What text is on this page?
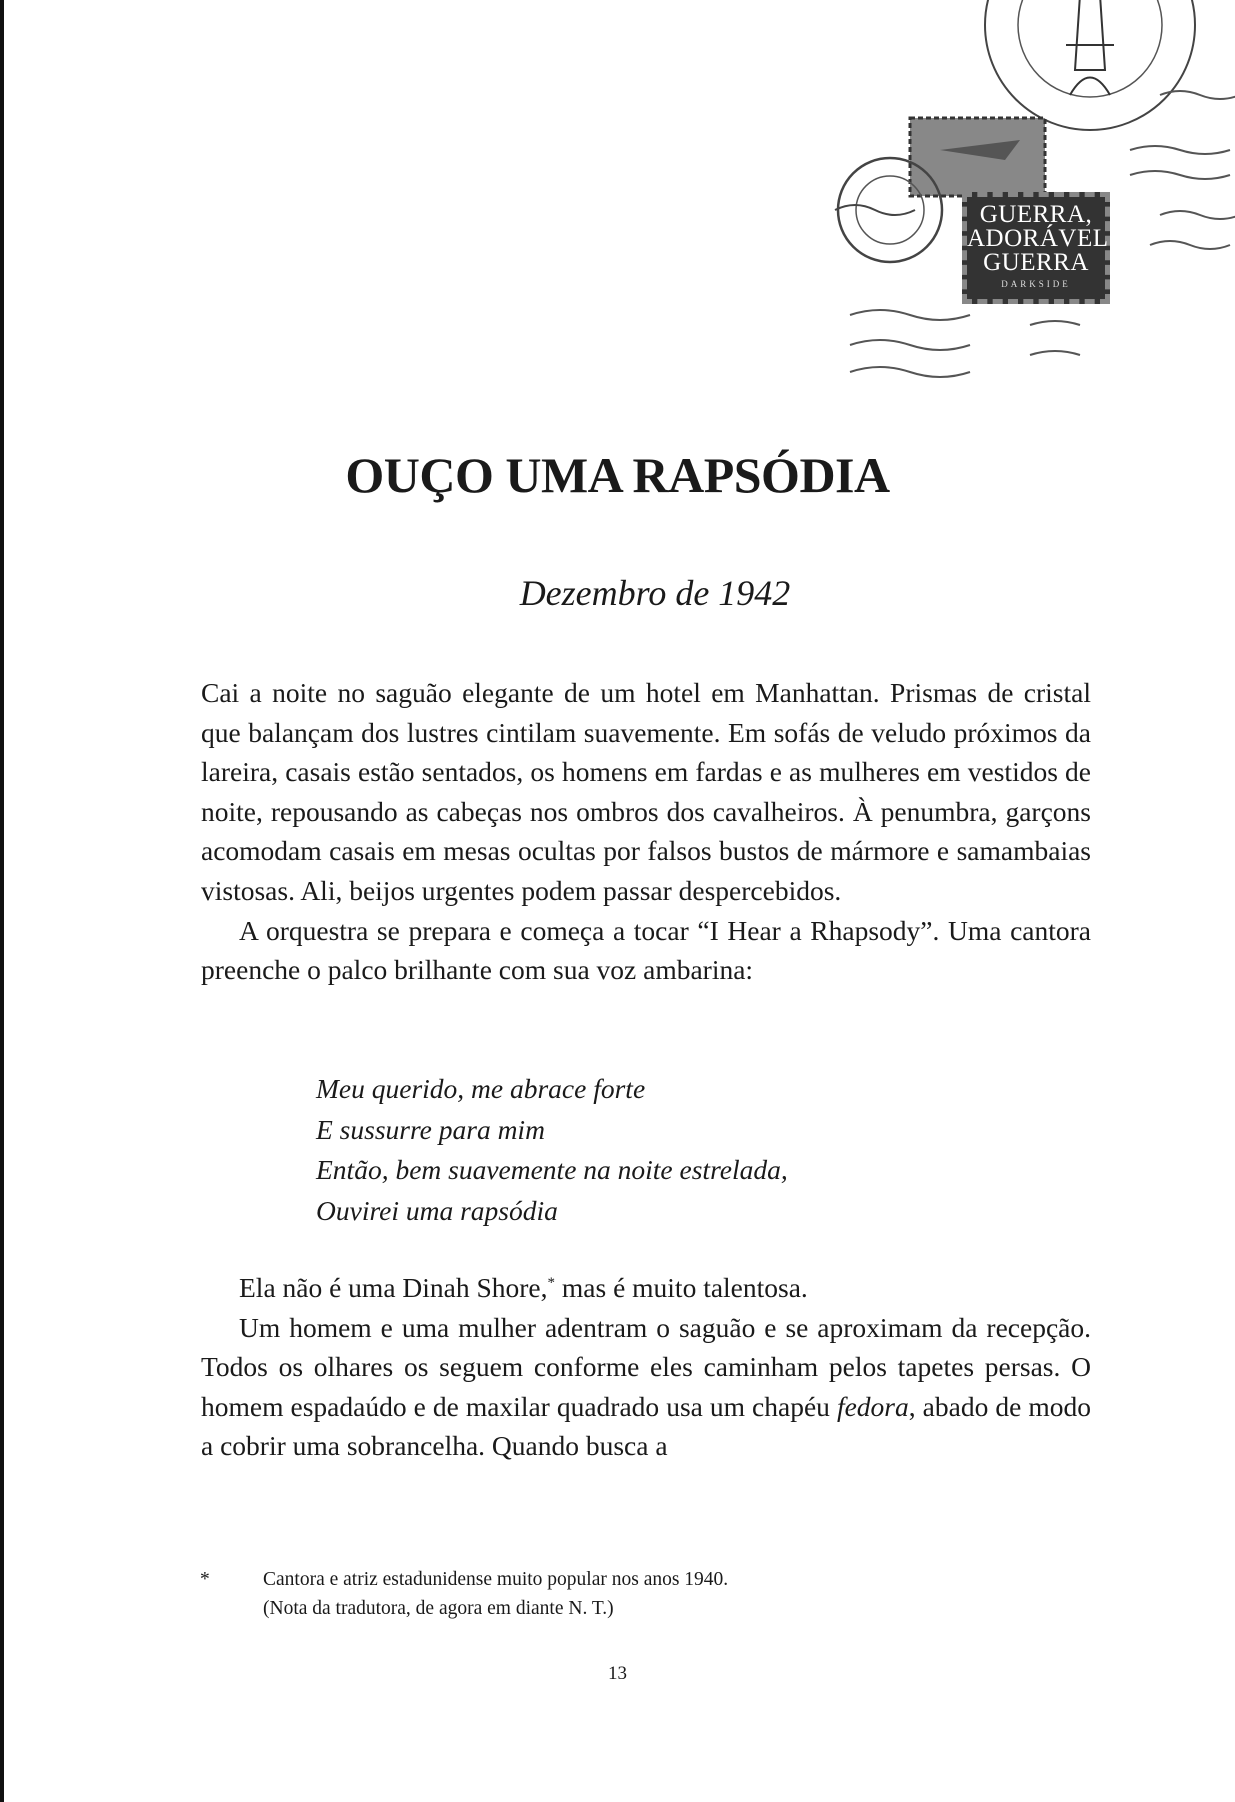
GUERRA,
ADORÁVEL
GUERRA
DARKSIDE
OUÇO UMA RAPSÓDIA

Dezembro de 1942

Cai a noite no saguão elegante de um hotel em Manhattan. Prismas de cristal que balançam dos lustres cintilam suavemente. Em sofás de veludo próximos da lareira, casais estão sentados, os homens em fardas e as mulheres em vestidos de noite, repousando as cabeças nos ombros dos cavalheiros. À penumbra, garçons acomodam casais em mesas ocultas por falsos bustos de mármore e samambaias vistosas. Ali, beijos urgentes podem passar despercebidos.

A orquestra se prepara e começa a tocar “I Hear a Rhapsody”. Uma cantora preenche o palco brilhante com sua voz ambarina:

Meu querido, me abrace forte
E sussurre para mim
Então, bem suavemente na noite estrelada,
Ouvirei uma rapsódia

Ela não é uma Dinah Shore,* mas é muito talentosa.

Um homem e uma mulher adentram o saguão e se aproximam da recepção. Todos os olhares os seguem conforme eles caminham pelos tapetes persas. O homem espadaúdo e de maxilar quadrado usa um chapéu fedora, abado de modo a cobrir uma sobrancelha. Quando busca a

*	Cantora e atriz estadunidense muito popular nos anos 1940.
(Nota da tradutora, de agora em diante N. T.)
13
